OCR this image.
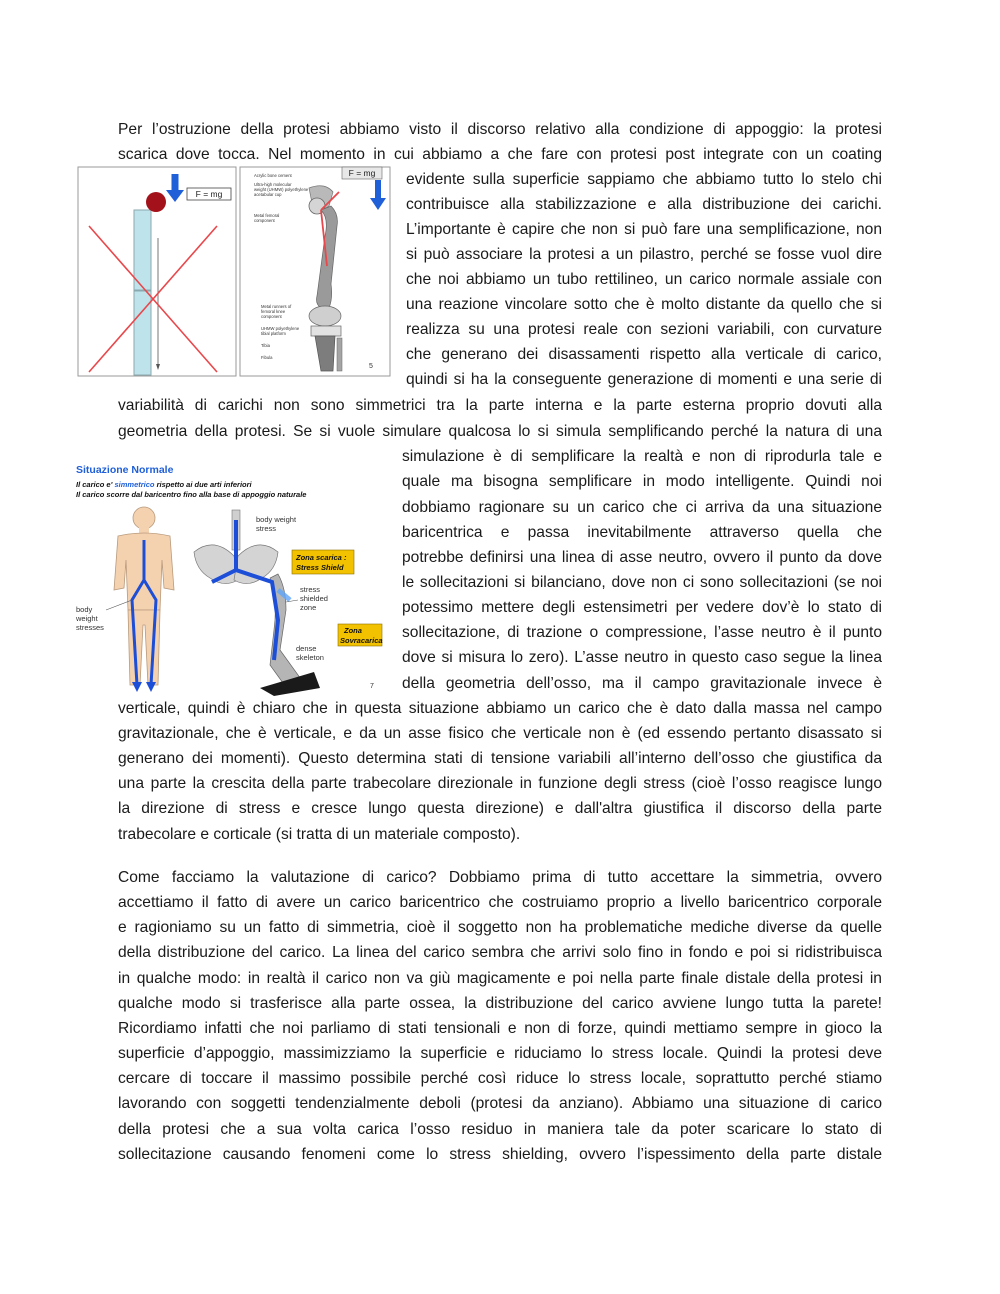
F = mg
F = mg
Acrylic bone cement
Ultra-high molecular
weight (UHMW) polyethylene
acetabular cup
Metal femoral
component
Metal runners of
femoral knee
component
UHMW polyethylene
tibial platform
Tibia
Fibula
5
Situazione Normale
Il carico e' simmetrico rispetto ai due arti inferiori
Il carico scorre dal baricentro fino alla base di appoggio naturale
body
weight
stresses
body weight
stress
Zona scarica :
Stress Shield
stress
shielded
zone
Zona
Sovracarica
dense
skeleton
7
Per l’ostruzione della protesi abbiamo visto il discorso relativo alla condizione di appoggio: la protesi
scarica dove tocca. Nel momento in cui abbiamo a che fare con protesi post integrate con un coating
evidente sulla superficie sappiamo che abbiamo tutto lo stelo chi
contribuisce alla stabilizzazione e alla distribuzione dei carichi.
L’importante è capire che non si può fare una semplificazione, non
si può associare la protesi a un pilastro, perché se fosse vuol dire
che noi abbiamo un tubo rettilineo, un carico normale assiale con
una reazione vincolare sotto che è molto distante da quello che si
realizza su una protesi reale con sezioni variabili, con curvature
che generano dei disassamenti rispetto alla verticale di carico,
quindi si ha la conseguente generazione di momenti e una serie di
variabilità di carichi non sono simmetrici tra la parte interna e la parte esterna proprio dovuti alla
geometria della protesi. Se si vuole simulare qualcosa lo si simula semplificando perché la natura di una
simulazione è di semplificare la realtà e non di riprodurla tale e
quale ma bisogna semplificare in modo intelligente. Quindi noi
dobbiamo ragionare su un carico che ci arriva da una situazione
baricentrica e passa inevitabilmente attraverso quella che
potrebbe definirsi una linea di asse neutro, ovvero il punto da dove
le sollecitazioni si bilanciano, dove non ci sono sollecitazioni (se noi
potessimo mettere degli estensimetri per vedere dov’è lo stato di
sollecitazione, di trazione o compressione, l’asse neutro è il punto
dove si misura lo zero). L’asse neutro in questo caso segue la linea
della geometria dell’osso, ma il campo gravitazionale invece è
verticale, quindi è chiaro che in questa situazione abbiamo un carico che è dato dalla massa nel campo
gravitazionale, che è verticale, e da un asse fisico che verticale non è (ed essendo pertanto disassato si
generano dei momenti). Questo determina stati di tensione variabili all’interno dell’osso che giustifica da
una parte la crescita della parte trabecolare direzionale in funzione degli stress (cioè l’osso reagisce lungo
la direzione di stress e cresce lungo questa direzione) e dall'altra giustifica il discorso della parte
trabecolare e corticale (si tratta di un materiale composto).
Come facciamo la valutazione di carico? Dobbiamo prima di tutto accettare la simmetria, ovvero
accettiamo il fatto di avere un carico baricentrico che costruiamo proprio a livello baricentrico corporale
e ragioniamo su un fatto di simmetria, cioè il soggetto non ha problematiche mediche diverse da quelle
della distribuzione del carico. La linea del carico sembra che arrivi solo fino in fondo e poi si ridistribuisca
in qualche modo: in realtà il carico non va giù magicamente e poi nella parte finale distale della protesi in
qualche modo si trasferisce alla parte ossea, la distribuzione del carico avviene lungo tutta la parete!
Ricordiamo infatti che noi parliamo di stati tensionali e non di forze, quindi mettiamo sempre in gioco la
superficie d’appoggio, massimizziamo la superficie e riduciamo lo stress locale. Quindi la protesi deve
cercare di toccare il massimo possibile perché così riduce lo stress locale, soprattutto perché stiamo
lavorando con soggetti tendenzialmente deboli (protesi da anziano). Abbiamo una situazione di carico
della protesi che a sua volta carica l’osso residuo in maniera tale da poter scaricare lo stato di
sollecitazione causando fenomeni come lo stress shielding, ovvero l’ispessimento della parte distale
